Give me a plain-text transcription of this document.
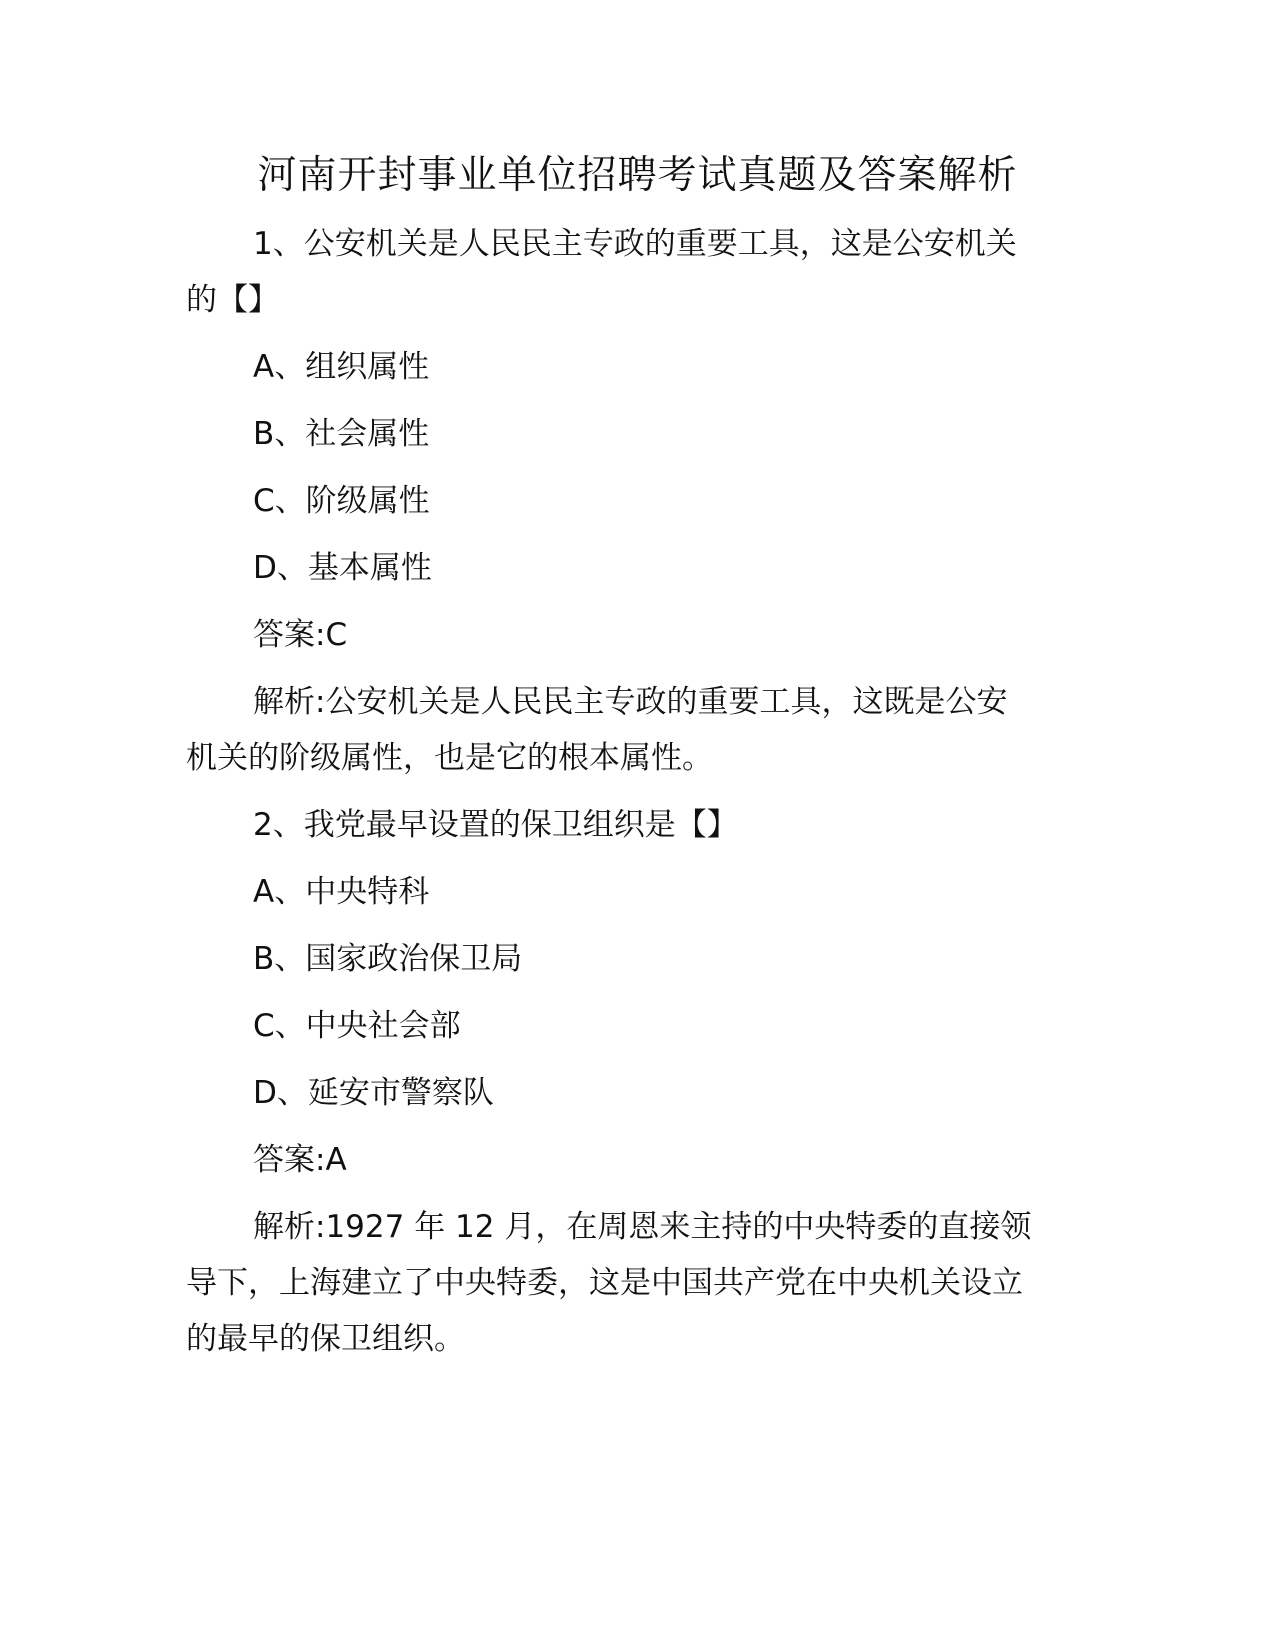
河南开封事业单位招聘考试真题及答案解析

1、公安机关是人民民主专政的重要工具，这是公安机关

的【】

A、组织属性

B、社会属性

C、阶级属性

D、基本属性

答案:C

解析:公安机关是人民民主专政的重要工具，这既是公安

机关的阶级属性，也是它的根本属性。

2、我党最早设置的保卫组织是【】

A、中央特科

B、国家政治保卫局

C、中央社会部

D、延安市警察队

答案:A

解析:1927 年 12 月，在周恩来主持的中央特委的直接领

导下，上海建立了中央特委，这是中国共产党在中央机关设立

的最早的保卫组织。
